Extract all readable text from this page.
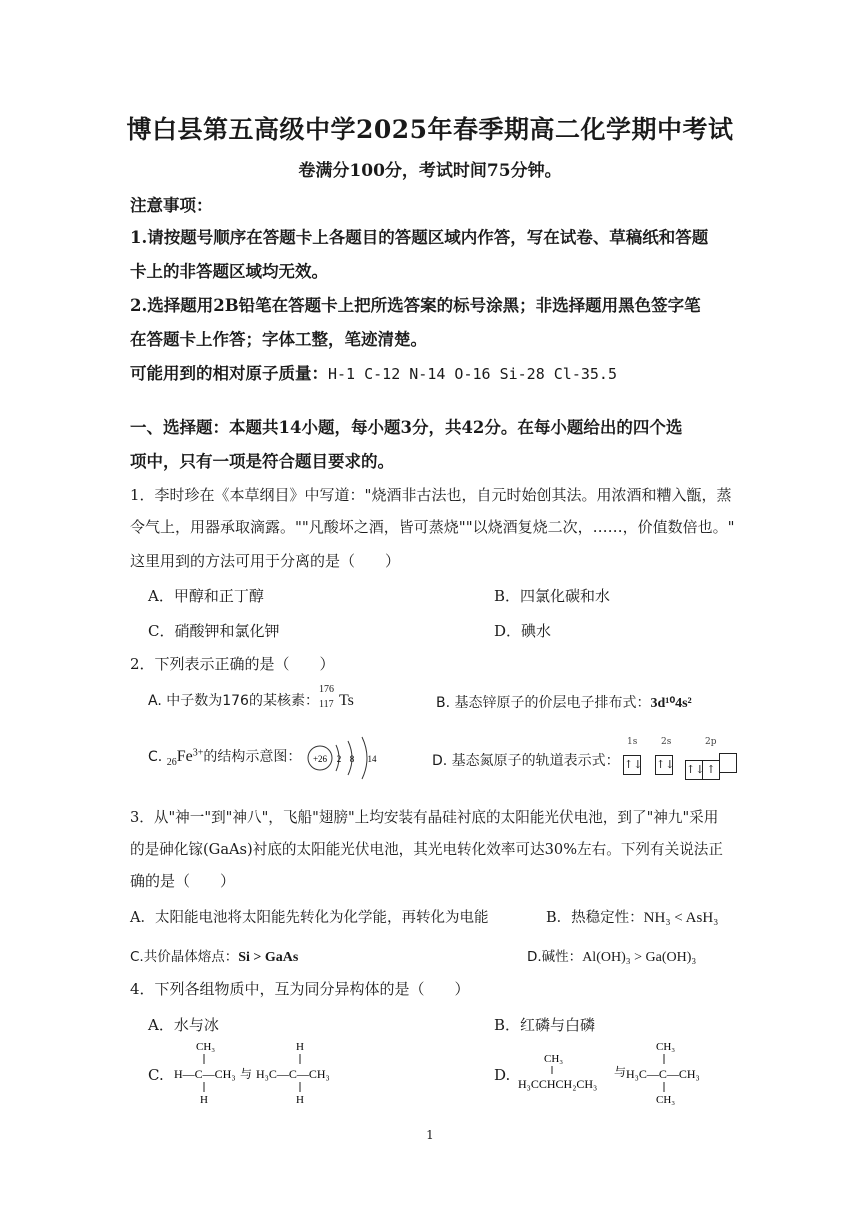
博白县第五高级中学2025年春季期高二化学期中考试
卷满分100分，考试时间75分钟。
注意事项：
1.请按题号顺序在答题卡上各题目的答题区域内作答，写在试卷、草稿纸和答题
卡上的非答题区域均无效。
2.选择题用2B铅笔在答题卡上把所选答案的标号涂黑；非选择题用黑色签字笔
在答题卡上作答；字体工整，笔迹清楚。
可能用到的相对原子质量：H-1 C-12 N-14 O-16 Si-28 Cl-35.5
一、选择题：本题共14小题，每小题3分，共42分。在每小题给出的四个选
项中，只有一项是符合题目要求的。
1．李时珍在《本草纲目》中写道："烧酒非古法也，自元时始创其法。用浓酒和糟入甑，蒸
令气上，用器承取滴露。""凡酸坏之酒，皆可蒸烧""以烧酒复烧二次，……，价值数倍也。"
这里用到的方法可用于分离的是（　　）
A．甲醇和正丁醇	B．四氯化碳和水
C．硝酸钾和氯化钾	D．碘水
2．下列表示正确的是（　　）
A. 中子数为176的某核素：
176
117 Ts	B. 基态锌原子的价层电子排布式：3d¹⁰4s²
C. $_{26}Fe^{3+}$的结构示意图： +26 2 8 14	D. 基态氮原子的轨道表示式：
1s	2s	2p
↑↓ ↑↓ ↑↓ ↑
3．从"神一"到"神八"，飞船"翅膀"上均安装有晶硅衬底的太阳能光伏电池，到了"神九"采用
的是砷化镓(GaAs)衬底的太阳能光伏电池，其光电转化效率可达30%左右。下列有关说法正
确的是（　　）
A．太阳能电池将太阳能先转化为化学能，再转化为电能	B．热稳定性：NH₃ < AsH₃
C.共价晶体熔点：Si > GaAs	D.碱性：Al(OH)₃ > Ga(OH)₃
4．下列各组物质中，互为同分异构体的是（　　）
A．水与冰	B．红磷与白磷
C.
CH₃
H—C—CH₃
H
与
H
H₃C—C—CH₃
H
D.
CH₃
H₃CCHCH₂CH₃
与
CH₃
H₃C—C—CH₃
CH₃
1
